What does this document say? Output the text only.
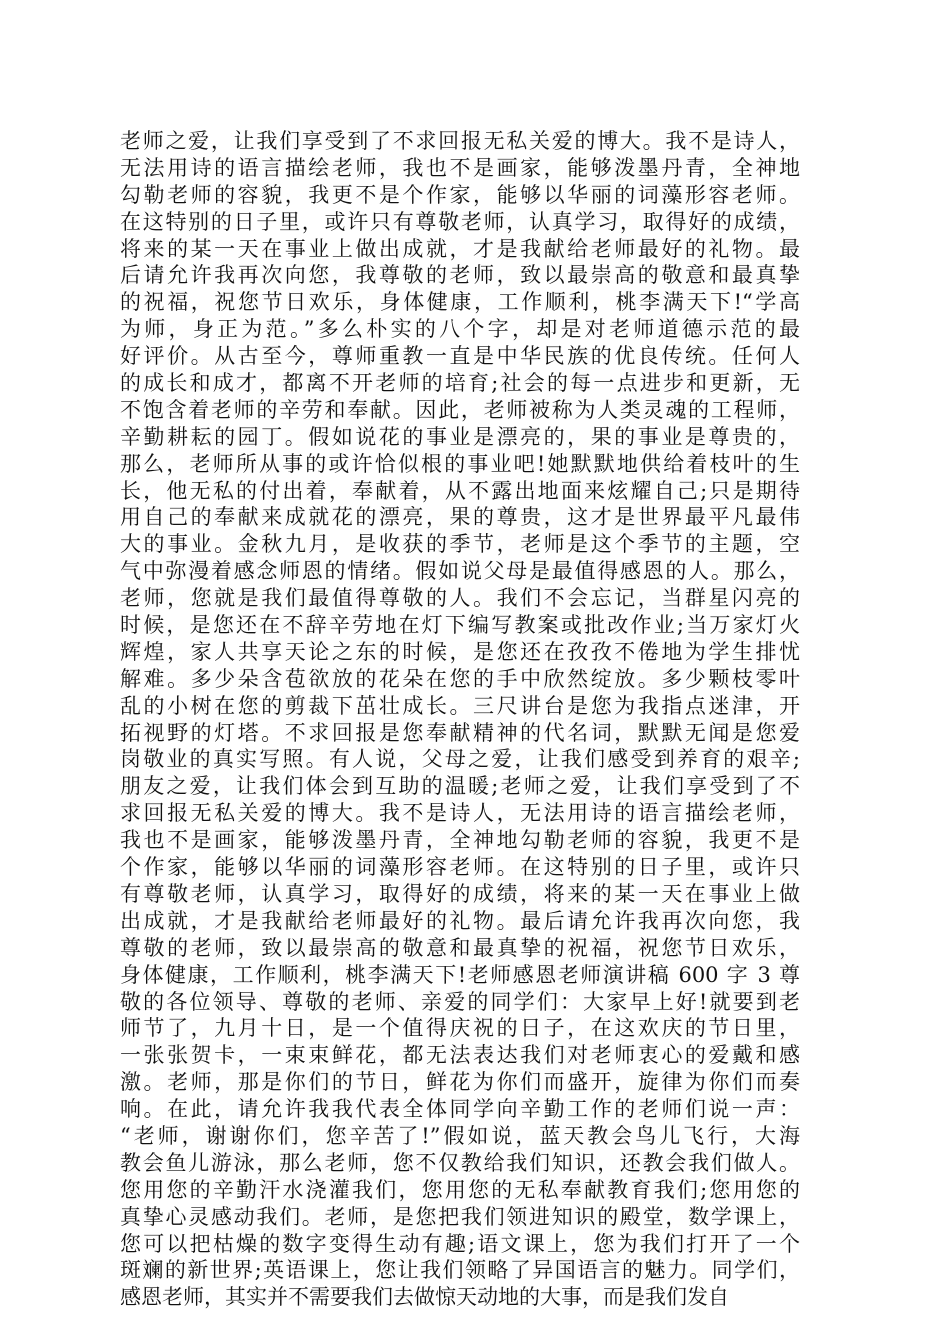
老师之爱，让我们享受到了不求回报无私关爱的博大。我不是诗人，
无法用诗的语言描绘老师，我也不是画家，能够泼墨丹青，全神地
勾勒老师的容貌，我更不是个作家，能够以华丽的词藻形容老师。
在这特别的日子里，或许只有尊敬老师，认真学习，取得好的成绩，
将来的某一天在事业上做出成就，才是我献给老师最好的礼物。最
后请允许我再次向您，我尊敬的老师，致以最崇高的敬意和最真挚
的祝福，祝您节日欢乐，身体健康，工作顺利，桃李满天下!“学高
为师，身正为范。”多么朴实的八个字，却是对老师道德示范的最
好评价。从古至今，尊师重教一直是中华民族的优良传统。任何人
的成长和成才，都离不开老师的培育;社会的每一点进步和更新，无
不饱含着老师的辛劳和奉献。因此，老师被称为人类灵魂的工程师，
辛勤耕耘的园丁。假如说花的事业是漂亮的，果的事业是尊贵的，
那么，老师所从事的或许恰似根的事业吧!她默默地供给着枝叶的生
长，他无私的付出着，奉献着，从不露出地面来炫耀自己;只是期待
用自己的奉献来成就花的漂亮，果的尊贵，这才是世界最平凡最伟
大的事业。金秋九月，是收获的季节，老师是这个季节的主题，空
气中弥漫着感念师恩的情绪。假如说父母是最值得感恩的人。那么，
老师，您就是我们最值得尊敬的人。我们不会忘记，当群星闪亮的
时候，是您还在不辞辛劳地在灯下编写教案或批改作业;当万家灯火
辉煌，家人共享天论之东的时候，是您还在孜孜不倦地为学生排忧
解难。多少朵含苞欲放的花朵在您的手中欣然绽放。多少颗枝零叶
乱的小树在您的剪裁下茁壮成长。三尺讲台是您为我指点迷津，开
拓视野的灯塔。不求回报是您奉献精神的代名词，默默无闻是您爱
岗敬业的真实写照。有人说，父母之爱，让我们感受到养育的艰辛;
朋友之爱，让我们体会到互助的温暖;老师之爱，让我们享受到了不
求回报无私关爱的博大。我不是诗人，无法用诗的语言描绘老师，
我也不是画家，能够泼墨丹青，全神地勾勒老师的容貌，我更不是
个作家，能够以华丽的词藻形容老师。在这特别的日子里，或许只
有尊敬老师，认真学习，取得好的成绩，将来的某一天在事业上做
出成就，才是我献给老师最好的礼物。最后请允许我再次向您，我
尊敬的老师，致以最崇高的敬意和最真挚的祝福，祝您节日欢乐，
身体健康，工作顺利，桃李满天下!老师感恩老师演讲稿 600 字 3 尊
敬的各位领导、尊敬的老师、亲爱的同学们：大家早上好!就要到老
师节了，九月十日，是一个值得庆祝的日子，在这欢庆的节日里，
一张张贺卡，一束束鲜花，都无法表达我们对老师衷心的爱戴和感
激。老师，那是你们的节日，鲜花为你们而盛开，旋律为你们而奏
响。在此，请允许我我代表全体同学向辛勤工作的老师们说一声：
“老师，谢谢你们，您辛苦了!”假如说，蓝天教会鸟儿飞行，大海
教会鱼儿游泳，那么老师，您不仅教给我们知识，还教会我们做人。
您用您的辛勤汗水浇灌我们，您用您的无私奉献教育我们;您用您的
真挚心灵感动我们。老师，是您把我们领进知识的殿堂，数学课上，
您可以把枯燥的数字变得生动有趣;语文课上，您为我们打开了一个
斑斓的新世界;英语课上，您让我们领略了异国语言的魅力。同学们，
感恩老师，其实并不需要我们去做惊天动地的大事，而是我们发自
